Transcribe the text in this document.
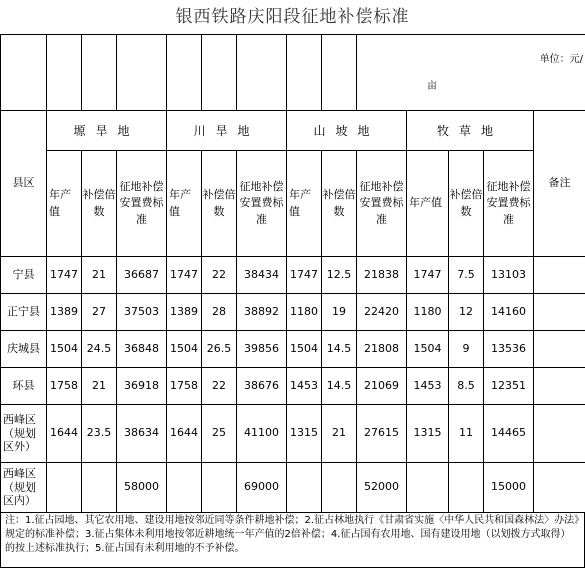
银西铁路庆阳段征地补偿标准

									单位：元/
亩				

县区	塬旱地			川旱地			山坡地			牧草地			备注
	年产值	补偿倍数	征地补偿安置费标准	年产值	补偿倍数	征地补偿安置费标准	年产值	补偿倍数	征地补偿安置费标准	年产值	补偿倍数	征地补偿安置费标准	
宁县	1747	21	36687	1747	22	38434	1747	12.5	21838	1747	7.5	13103	
正宁县	1389	27	37503	1389	28	38892	1180	19	22420	1180	12	14160	
庆城县	1504	24.5	36848	1504	26.5	39856	1504	14.5	21808	1504	9	13536	
环县	1758	21	36918	1758	22	38676	1453	14.5	21069	1453	8.5	12351	
西峰区（规划区外）	1644	23.5	38634	1644	25	41100	1315	21	27615	1315	11	14465	
西峰区（规划区内）			58000			69000			52000			15000	
注：1.征占园地、其它农用地、建设用地按邻近同等条件耕地补偿；2.征占林地执行《甘肃省实施〈中华人民共和国森林法〉办法》规定的标准补偿；3.征占集体未利用地按邻近耕地统一年产值的2倍补偿；4.征占国有农用地、国有建设用地（以划拨方式取得）的按上述标准执行；5.征占国有未利用地的不予补偿。
